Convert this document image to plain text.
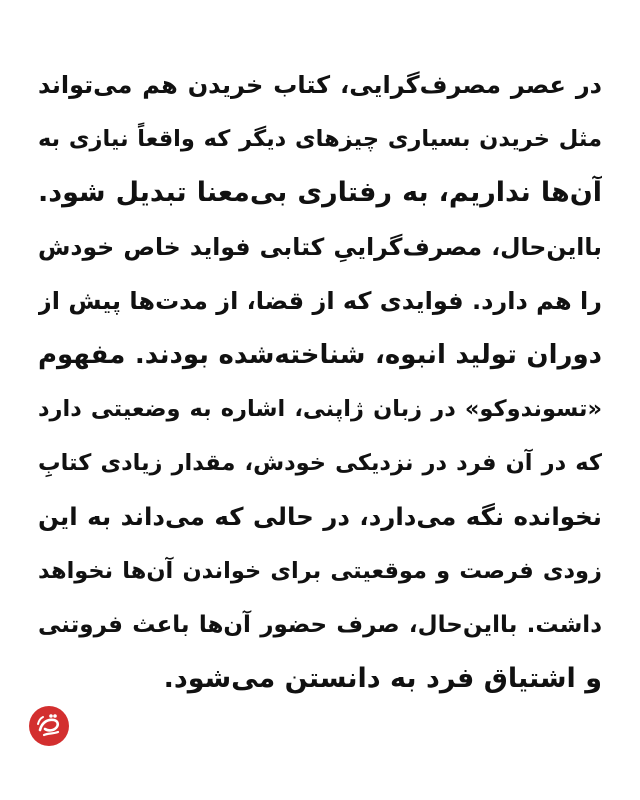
در عصر مصرف‌گرایی، کتاب خریدن هم می‌تواند
مثل خریدن بسیاری چیزهای دیگر که واقعاً نیازی به
آن‌ها نداریم، به رفتاری بی‌معنا تبدیل شود.
بااین‌حال، مصرف‌گراییِ کتابی فواید خاص خودش
را هم دارد. فوایدی که از قضا، از مدت‌ها پیش از
دوران تولید انبوه، شناخته‌شده بودند. مفهوم
«تسوندوکو» در زبان ژاپنی، اشاره به وضعیتی دارد
که در آن فرد در نزدیکی خودش، مقدار زیادی کتابِ
نخوانده نگه می‌دارد، در حالی که می‌داند به این
زودی فرصت و موقعیتی برای خواندن آن‌ها نخواهد
داشت. بااین‌حال، صرف حضور آن‌ها باعث فروتنی
و اشتیاق فرد به دانستن می‌شود.
